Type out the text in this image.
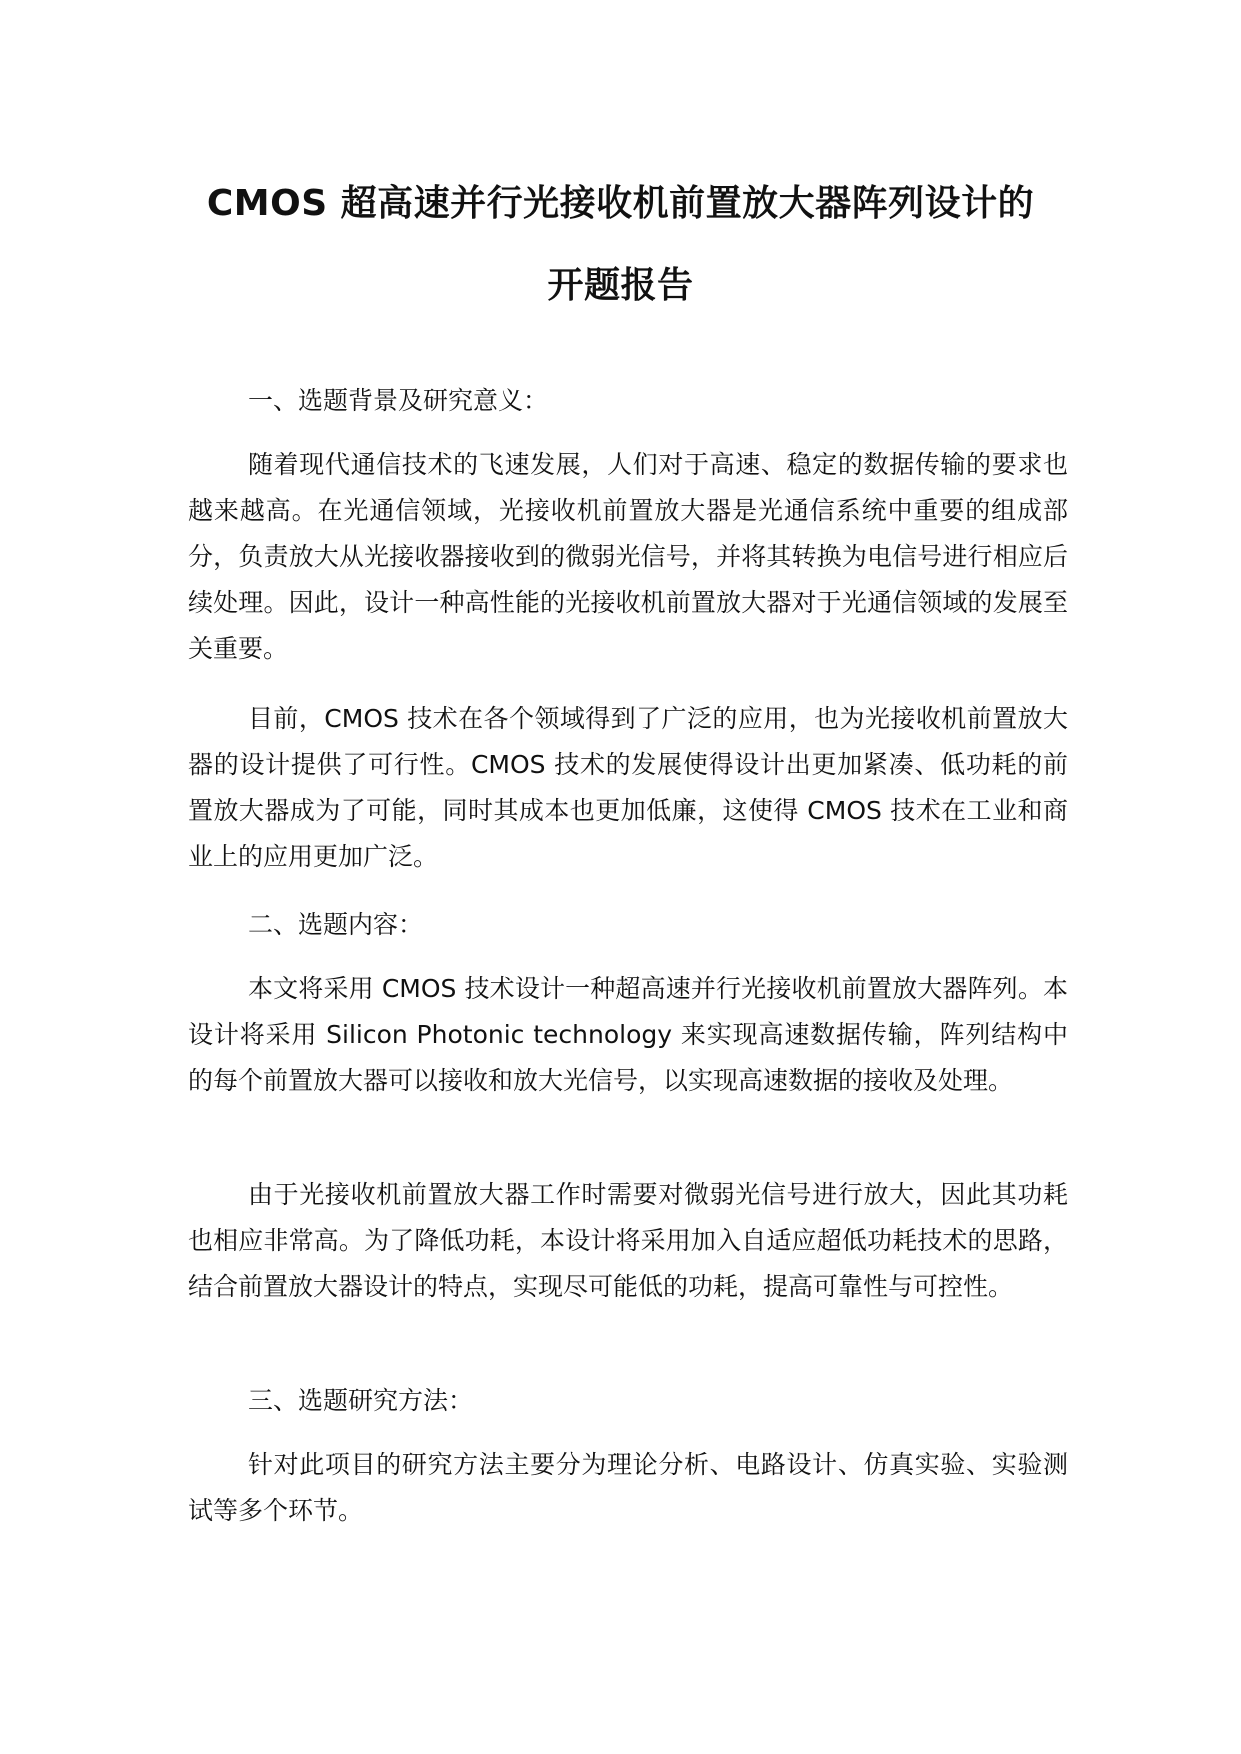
CMOS 超高速并行光接收机前置放大器阵列设计的
开题报告
一、选题背景及研究意义：
随着现代通信技术的飞速发展，人们对于高速、稳定的数据传输的要求也越来越高。在光通信领域，光接收机前置放大器是光通信系统中重要的组成部分，负责放大从光接收器接收到的微弱光信号，并将其转换为电信号进行相应后续处理。因此，设计一种高性能的光接收机前置放大器对于光通信领域的发展至关重要。
目前，CMOS 技术在各个领域得到了广泛的应用，也为光接收机前置放大器的设计提供了可行性。CMOS 技术的发展使得设计出更加紧凑、低功耗的前置放大器成为了可能，同时其成本也更加低廉，这使得 CMOS 技术在工业和商业上的应用更加广泛。
二、选题内容：
本文将采用 CMOS 技术设计一种超高速并行光接收机前置放大器阵列。本设计将采用 Silicon Photonic technology 来实现高速数据传输，阵列结构中的每个前置放大器可以接收和放大光信号，以实现高速数据的接收及处理。
由于光接收机前置放大器工作时需要对微弱光信号进行放大，因此其功耗也相应非常高。为了降低功耗，本设计将采用加入自适应超低功耗技术的思路，结合前置放大器设计的特点，实现尽可能低的功耗，提高可靠性与可控性。
三、选题研究方法：
针对此项目的研究方法主要分为理论分析、电路设计、仿真实验、实验测试等多个环节。
